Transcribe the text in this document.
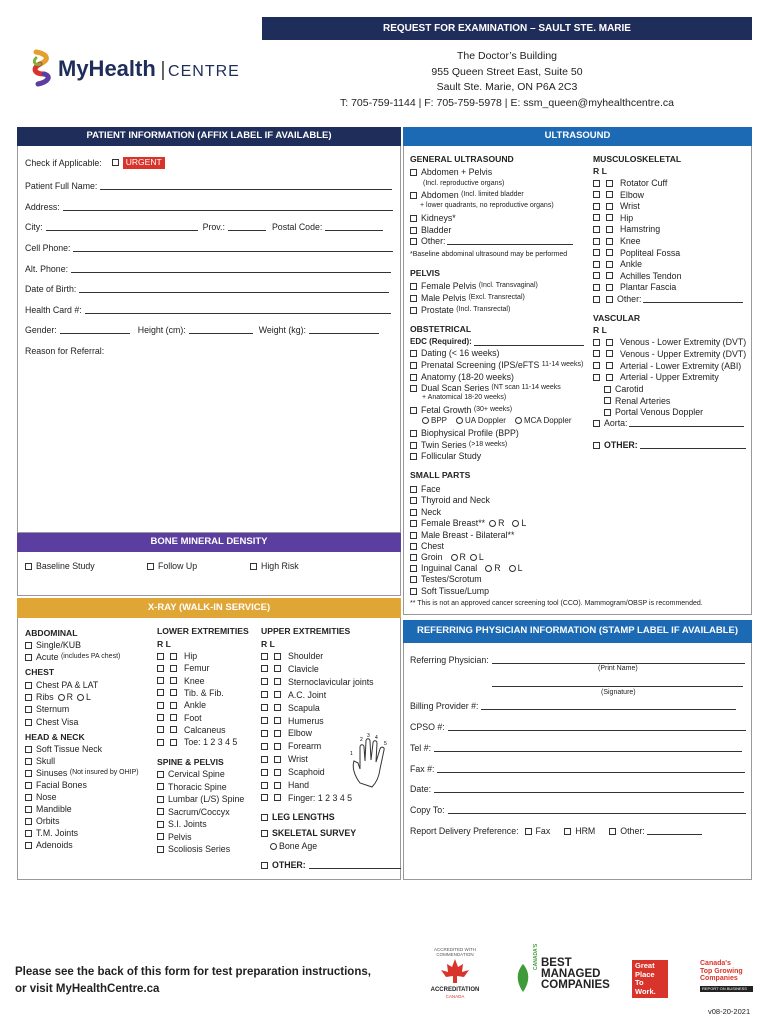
REQUEST FOR EXAMINATION – SAULT STE. MARIE
MyHealth | CENTRE
The Doctor’s Building
955 Queen Street East, Suite 50
Sault Ste. Marie, ON P6A 2C3
T: 705-759-1144 | F: 705-759-5978 | E: ssm_queen@myhealthcentre.ca
PATIENT INFORMATION (AFFIX LABEL IF AVAILABLE)
Check if Applicable:	URGENT
Patient Full Name:
Address:
City:	Prov.:	Postal Code:
Cell Phone:
Alt. Phone:
Date of Birth:
Health Card #:
Gender:	Height (cm):	Weight (kg):
Reason for Referral:
BONE MINERAL DENSITY
Baseline Study	Follow Up	High Risk
X-RAY (WALK-IN SERVICE)
ABDOMINAL
Single/KUB
Acute
(includes PA chest)
CHEST
Chest PA & LAT
Ribs R L
Sternum
Chest Visa
HEAD & NECK
Soft Tissue Neck
Skull
Sinuses
(Not insured by OHIP)
Facial Bones
Nose
Mandible
Orbits
T.M. Joints
Adenoids
LOWER EXTREMITIES
R L
Hip
Femur
Knee
Tib. & Fib.
Ankle
Foot
Calcaneus
Toe: 1 2 3 4 5
SPINE & PELVIS
Cervical Spine
Thoracic Spine
Lumbar (L/S) Spine
Sacrum/Coccyx
S.I. Joints
Pelvis
Scoliosis Series
UPPER EXTREMITIES
R L
Shoulder
Clavicle
Sternoclavicular joints
A.C. Joint
Scapula
Humerus
Elbow
Forearm
Wrist
Scaphoid
Hand
Finger: 1 2 3 4 5
LEG LENGTHS
SKELETAL SURVEY
Bone Age
OTHER:
1
2
3 4
5
ULTRASOUND
GENERAL ULTRASOUND
Abdomen + Pelvis
(Incl. reproductive organs)
Abdomen
(Incl. limited bladder
+ lower quadrants, no reproductive organs)
Kidneys*
Bladder
Other:
*Baseline abdominal ultrasound may be performed
PELVIS
Female Pelvis
(Incl. Transvaginal)
Male Pelvis
(Excl. Transrectal)
Prostate
(Incl. Transrectal)
OBSTETRICAL
EDC (Required):
Dating (< 16 weeks)
Prenatal Screening (IPS/eFTS
11-14 weeks)
Anatomy (18-20 weeks)
Dual Scan Series
(NT scan 11-14 weeks
+ Anatomical 18-20 weeks)
Fetal Growth
(30+ weeks)
BPP UA Doppler MCA Doppler
Biophysical Profile (BPP)
Twin Series
(>18 weeks)
Follicular Study
SMALL PARTS
Face
Thyroid and Neck
Neck
Female Breast** R L
Male Breast - Bilateral**
Chest
Groin R L
Inguinal Canal R L
Testes/Scrotum
Soft Tissue/Lump
** This is not an approved cancer screening tool (CCO). Mammogram/OBSP is recommended.
MUSCULOSKELETAL
R L
Rotator Cuff
Elbow
Wrist
Hip
Hamstring
Knee
Popliteal Fossa
Ankle
Achilles Tendon
Plantar Fascia
Other:
VASCULAR
R L
Venous - Lower Extremity (DVT)
Venous - Upper Extremity (DVT)
Arterial - Lower Extremity (ABI)
Arterial - Upper Extremity
Carotid
Renal Arteries
Portal Venous Doppler
Aorta:
OTHER:
REFERRING PHYSICIAN INFORMATION (STAMP LABEL IF AVAILABLE)
Referring Physician:
(Print Name)
(Signature)
Billing Provider #:
CPSO #:
Tel #:
Fax #:
Date:
Copy To:
Report Delivery Preference: Fax	HRM	Other:
Please see the back of this form for test preparation instructions,
or visit MyHealthCentre.ca
ACCREDITED WITH COMMENDATION
ACCREDITATION
CANADA
CANADA'S BEST
MANAGED
COMPANIES
Great
Place
To
Work.
Canada's
Top Growing
Companies
REPORT ON BUSINESS
v08-20-2021
